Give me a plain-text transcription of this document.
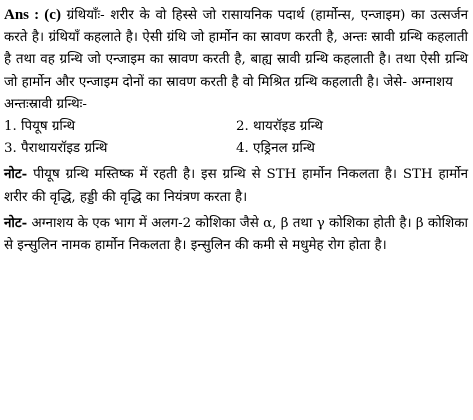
Ans : (c) ग्रंथियाँः- शरीर के वो हिस्से जो रासायनिक पदार्थ (हार्मोन्स, एन्जाइम) का उत्सर्जन करते है। ग्रंथियाँ कहलाते है। ऐसी ग्रंथि जो हार्मोन का स्रावण करती है, अन्तः स्रावी ग्रन्थि कहलाती है तथा वह ग्रन्थि जो एन्जाइम का स्रावण करती है, बाह्य स्रावी ग्रन्थि कहलाती है। तथा ऐसी ग्रन्थि जो हार्मोन और एन्जाइम दोनों का स्रावण करती है वो मिश्रित ग्रन्थि कहलाती है। जेसे- अग्नाशय

अन्तःस्रावी ग्रन्थिः-
1. पियूष ग्रन्थि	2. थायरॉइड ग्रन्थि
3. पैराथायरॉइड ग्रन्थि	4. एड्रिनल ग्रन्थि

नोट- पीयूष ग्रन्थि मस्तिष्क में रहती है। इस ग्रन्थि से STH हार्मोन निकलता है। STH हार्मोन शरीर की वृद्धि, हड्डी की वृद्धि का नियंत्रण करता है।

नोट- अग्नाशय के एक भाग में अलग-2 कोशिका जैसे α, β तथा γ कोशिका होती है। β कोशिका से इन्सुलिन नामक हार्मोन निकलता है। इन्सुलिन की कमी से मधुमेह रोग होता है।
